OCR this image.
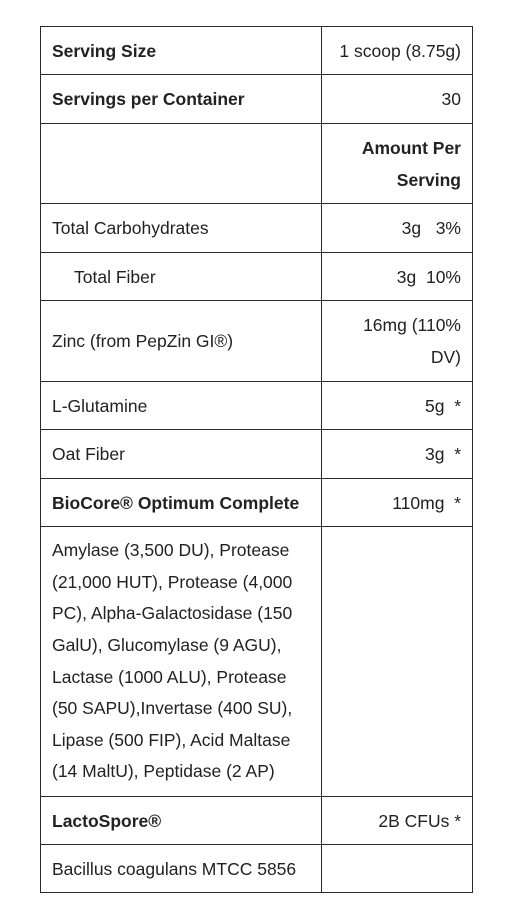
Serving Size	1 scoop (8.75g)
Servings per Container	30
	Amount Per Serving
Total Carbohydrates	3g   3%
Total Fiber	3g  10%
Zinc (from PepZin GI®)	16mg (110% DV)
L-Glutamine	5g  *
Oat Fiber	3g  *
BioCore® Optimum Complete	110mg  *
Amylase (3,500 DU), Protease (21,000 HUT), Protease (4,000 PC), Alpha-Galactosidase (150 GalU), Glucomylase (9 AGU), Lactase (1000 ALU), Protease (50 SAPU),Invertase (400 SU), Lipase (500 FIP), Acid Maltase (14 MaltU), Peptidase (2 AP)	
LactoSpore®	2B CFUs *
Bacillus coagulans MTCC 5856	
